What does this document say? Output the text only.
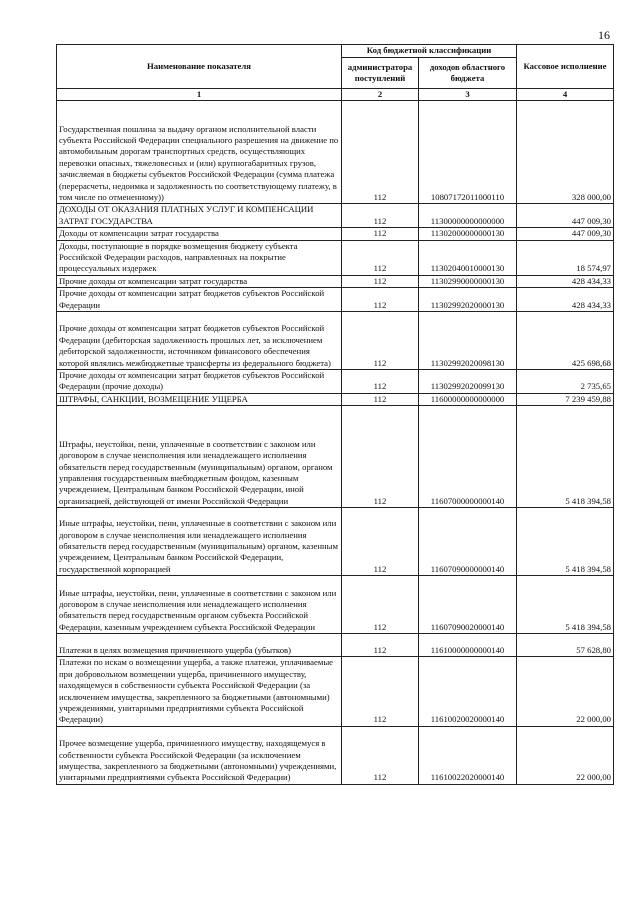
16
Наименование показателя	Код бюджетной классификации		Кассовое исполнение
	администратора поступлений	доходов областного бюджета	
1	2	3	4
Государственная пошлина за выдачу органом исполнительной власти субъекта Российской Федерации специального разрешения на движение по автомобильным дорогам транспортных средств, осуществляющих перевозки опасных, тяжеловесных и (или) крупногабаритных грузов, зачисляемая в бюджеты субъектов Российской Федерации (сумма платежа (перерасчеты, недоимка и задолженность по соответствующему платежу, в том числе по отмененному))	112	10807172011000110	328 000,00
ДОХОДЫ ОТ ОКАЗАНИЯ ПЛАТНЫХ УСЛУГ И КОМПЕНСАЦИИ ЗАТРАТ ГОСУДАРСТВА	112	11300000000000000	447 009,30
Доходы от компенсации затрат государства	112	11302000000000130	447 009,30
Доходы, поступающие в порядке возмещения бюджету субъекта Российской Федерации расходов, направленных на покрытие процессуальных издержек	112	11302040010000130	18 574,97
Прочие доходы от компенсации затрат государства	112	11302990000000130	428 434,33
Прочие доходы от компенсации затрат бюджетов субъектов Российской Федерации	112	11302992020000130	428 434,33
Прочие доходы от компенсации затрат бюджетов субъектов Российской Федерации (дебиторская задолженность прошлых лет, за исключением дебиторской задолженности, источником финансового обеспечения которой являлись межбюджетные трансферты из федерального бюджета)	112	11302992020098130	425 698,68
Прочие доходы от компенсации затрат бюджетов субъектов Российской Федерации (прочие доходы)	112	11302992020099130	2 735,65
ШТРАФЫ, САНКЦИИ, ВОЗМЕЩЕНИЕ УЩЕРБА	112	11600000000000000	7 239 459,88
Штрафы, неустойки, пени, уплаченные в соответствии с законом или договором в случае неисполнения или ненадлежащего исполнения обязательств перед государственным (муниципальным) органом, органом управления государственным внебюджетным фондом, казенным учреждением, Центральным банком Российской Федерации, иной организацией, действующей от имени Российской Федерации	112	11607000000000140	5 418 394,58
Иные штрафы, неустойки, пени, уплаченные в соответствии с законом или договором в случае неисполнения или ненадлежащего исполнения обязательств перед государственным (муниципальным) органом, казенным учреждением, Центральным банком Российской Федерации, государственной корпорацией	112	11607090000000140	5 418 394,58
Иные штрафы, неустойки, пени, уплаченные в соответствии с законом или договором в случае неисполнения или ненадлежащего исполнения обязательств перед государственным органом субъекта Российской Федерации, казенным учреждением субъекта Российской Федерации	112	11607090020000140	5 418 394,58
Платежи в целях возмещения причиненного ущерба (убытков)	112	11610000000000140	57 628,80
Платежи по искам о возмещении ущерба, а также платежи, уплачиваемые при добровольном возмещении ущерба, причиненного имуществу, находящемуся в собственности субъекта Российской Федерации (за исключением имущества, закрепленного за бюджетными (автономными) учреждениями, унитарными предприятиями субъекта Российской Федерации)	112	11610020020000140	22 000,00
Прочее возмещение ущерба, причиненного имуществу, находящемуся в собственности субъекта Российской Федерации (за исключением имущества, закрепленного за бюджетными (автономными) учреждениями, унитарными предприятиями субъекта Российской Федерации)	112	11610022020000140	22 000,00
